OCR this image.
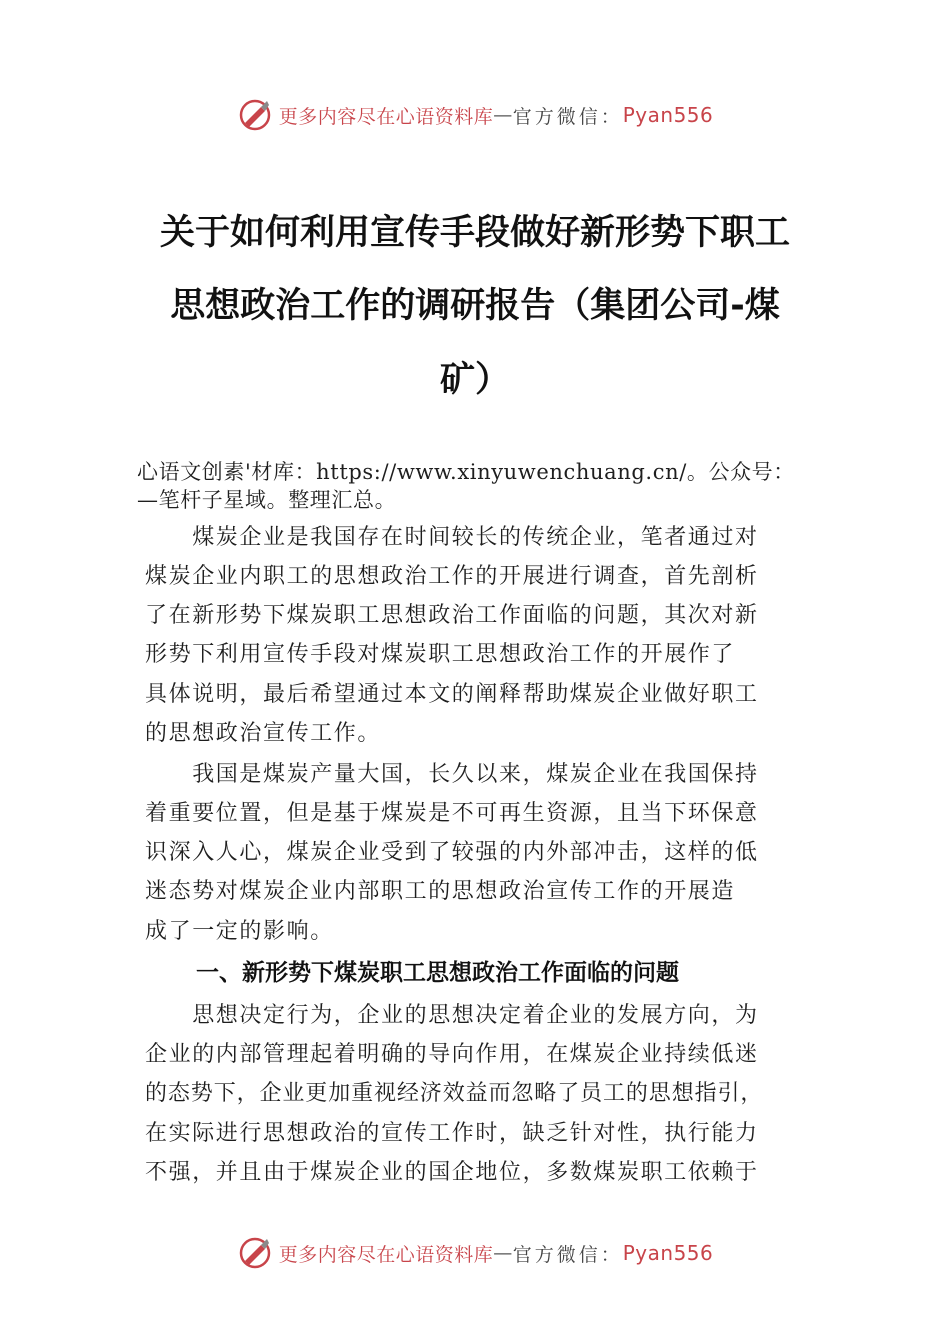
更多内容尽在心语资料库 — 官方微信： Pyan556
关于如何利用宣传手段做好新形势下职工
思想政治工作的调研报告（集团公司-煤
矿）
心语文创素'材库：https://www.xinyuwenchuang.cn/。公众号：
—笔杆子星域。整理汇总。
　　煤炭企业是我国存在时间较长的传统企业，笔者通过对
煤炭企业内职工的思想政治工作的开展进行调查，首先剖析
了在新形势下煤炭职工思想政治工作面临的问题，其次对新
形势下利用宣传手段对煤炭职工思想政治工作的开展作了
具体说明，最后希望通过本文的阐释帮助煤炭企业做好职工
的思想政治宣传工作。
　　我国是煤炭产量大国，长久以来，煤炭企业在我国保持
着重要位置，但是基于煤炭是不可再生资源，且当下环保意
识深入人心，煤炭企业受到了较强的内外部冲击，这样的低
迷态势对煤炭企业内部职工的思想政治宣传工作的开展造
成了一定的影响。
一、新形势下煤炭职工思想政治工作面临的问题
　　思想决定行为，企业的思想决定着企业的发展方向，为
企业的内部管理起着明确的导向作用，在煤炭企业持续低迷
的态势下，企业更加重视经济效益而忽略了员工的思想指引，
在实际进行思想政治的宣传工作时，缺乏针对性，执行能力
不强，并且由于煤炭企业的国企地位，多数煤炭职工依赖于
更多内容尽在心语资料库 — 官方微信： Pyan556
